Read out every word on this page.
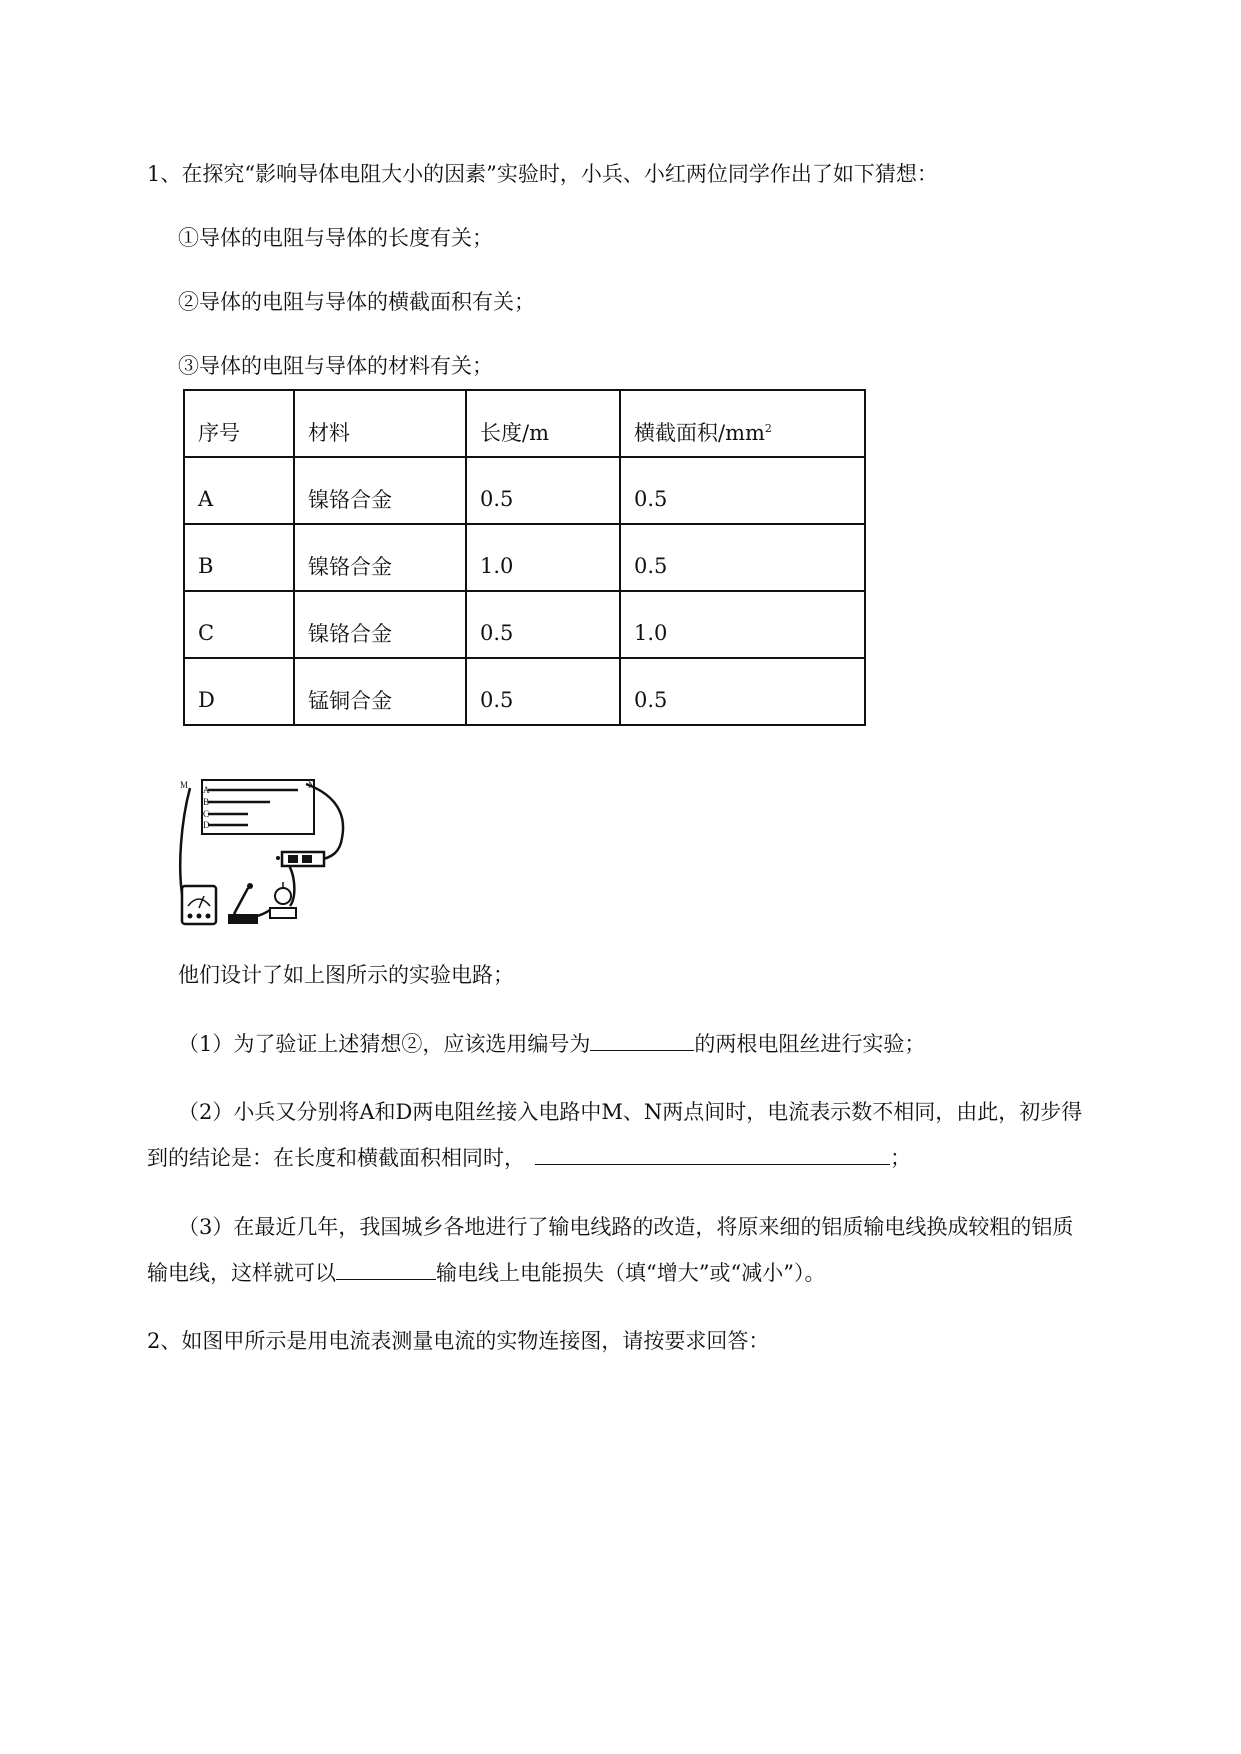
1、在探究“影响导体电阻大小的因素”实验时，小兵、小红两位同学作出了如下猜想：
①导体的电阻与导体的长度有关；
②导体的电阻与导体的横截面积有关；
③导体的电阻与导体的材料有关；
序号	材料	长度/m	横截面积$/mm^2$
A	镍铬合金	0.5	0.5
B	镍铬合金	1.0	0.5
C	镍铬合金	0.5	1.0
D	锰铜合金	0.5	0.5
M	N
A
B
C
D
他们设计了如上图所示的实验电路；
（1）为了验证上述猜想②，应该选用编号为	的两根电阻丝进行实验；
（2）小兵又分别将A和D两电阻丝接入电路中M、N两点间时，电流表示数不相同，由此，初步得
到的结论是：在长度和横截面积相同时，	；
（3）在最近几年，我国城乡各地进行了输电线路的改造，将原来细的铝质输电线换成较粗的铝质
输电线，这样就可以	输电线上电能损失（填“增大”或“减小”）。
2、如图甲所示是用电流表测量电流的实物连接图，请按要求回答：
